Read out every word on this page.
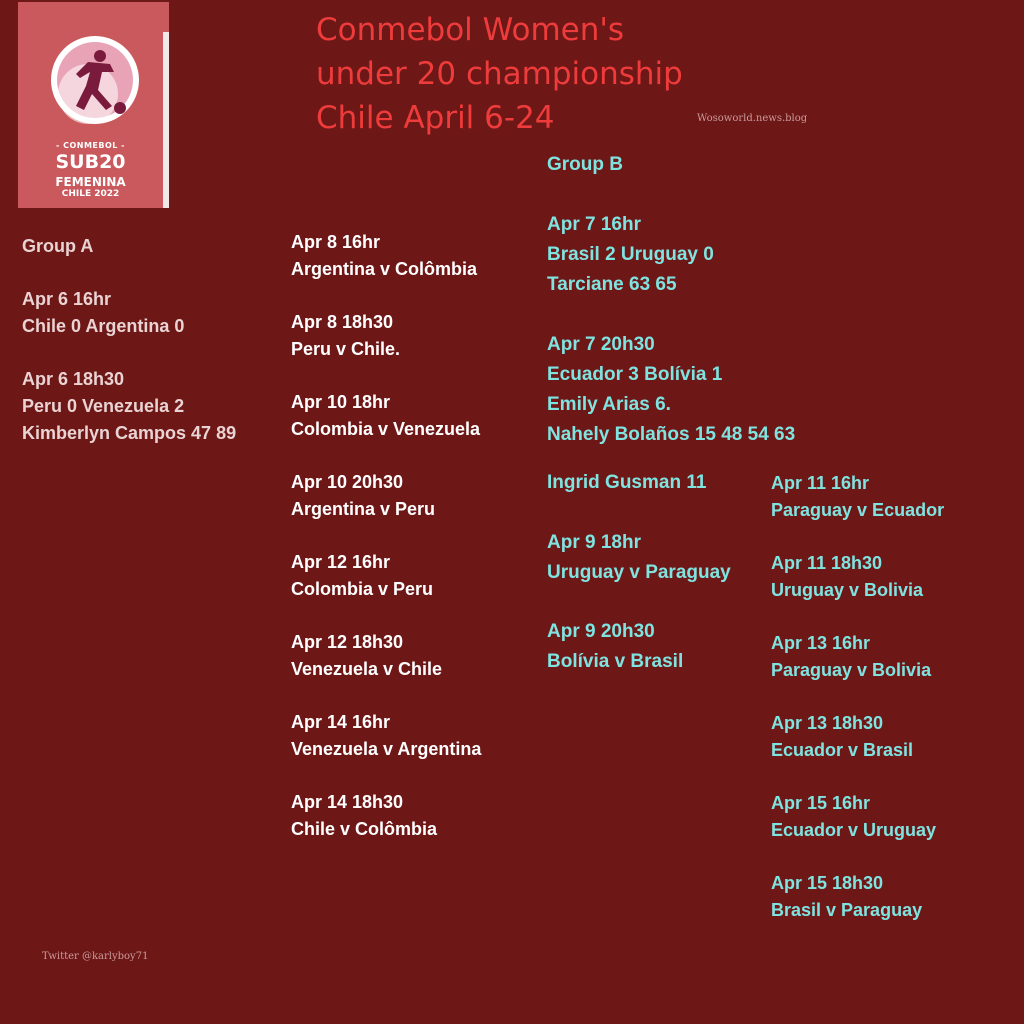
- CONMEBOL -
SUB20
FEMENINA
CHILE 2022
Conmebol Women's
under 20 championship
Chile April 6-24	Wosoworld.news.blog
Group A
Apr 6 16hr
Chile 0 Argentina 0
Apr 6 18h30
Peru 0 Venezuela 2
Kimberlyn Campos 47 89
Apr 8 16hr
Argentina v Colômbia
Apr 8 18h30
Peru v Chile.
Apr 10 18hr
Colombia v Venezuela
Apr 10 20h30
Argentina v Peru
Apr 12 16hr
Colombia v Peru
Apr 12 18h30
Venezuela v Chile
Apr 14 16hr
Venezuela v Argentina
Apr 14 18h30
Chile v Colômbia
Group B
Apr 7 16hr
Brasil 2 Uruguay 0
Tarciane 63 65
Apr 7 20h30
Ecuador 3 Bolívia 1
Emily Arias 6.
Nahely Bolaños 15 48 54 63
Ingrid Gusman 11
Apr 9 18hr
Uruguay v Paraguay
Apr 9 20h30
Bolívia v Brasil
Apr 11 16hr
Paraguay v Ecuador
Apr 11 18h30
Uruguay v Bolivia
Apr 13 16hr
Paraguay v Bolivia
Apr 13 18h30
Ecuador v Brasil
Apr 15 16hr
Ecuador v Uruguay
Apr 15 18h30
Brasil v Paraguay
Twitter @karlyboy71
